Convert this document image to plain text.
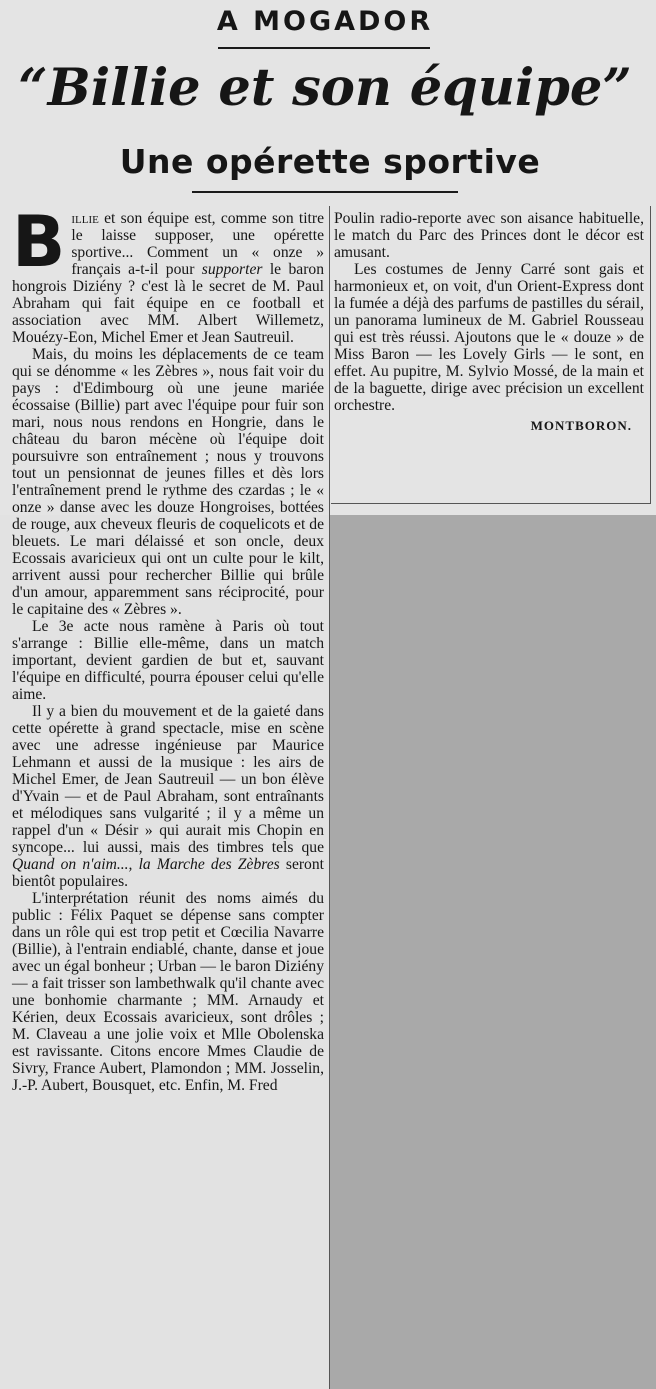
A MOGADOR
“Billie et son équipe”
Une opérette sportive

Billie et son équipe est, comme son titre le laisse supposer, une opérette sportive... Comment un « onze » français a-t-il pour supporter le baron hongrois Diziény ? c'est là le secret de M. Paul Abraham qui fait équipe en ce football et association avec MM. Albert Willemetz, Mouézy-Eon, Michel Emer et Jean Sautreuil.

Mais, du moins les déplacements de ce team qui se dénomme « les Zèbres », nous fait voir du pays : d'Edimbourg où une jeune mariée écossaise (Billie) part avec l'équipe pour fuir son mari, nous nous rendons en Hongrie, dans le château du baron mécène où l'équipe doit poursuivre son entraînement ; nous y trouvons tout un pensionnat de jeunes filles et dès lors l'entraînement prend le rythme des czardas ; le « onze » danse avec les douze Hongroises, bottées de rouge, aux cheveux fleuris de coquelicots et de bleuets. Le mari délaissé et son oncle, deux Ecossais avaricieux qui ont un culte pour le kilt, arrivent aussi pour rechercher Billie qui brûle d'un amour, apparemment sans réciprocité, pour le capitaine des « Zèbres ».

Le 3e acte nous ramène à Paris où tout s'arrange : Billie elle-même, dans un match important, devient gardien de but et, sauvant l'équipe en difficulté, pourra épouser celui qu'elle aime.

Il y a bien du mouvement et de la gaieté dans cette opérette à grand spectacle, mise en scène avec une adresse ingénieuse par Maurice Lehmann et aussi de la musique : les airs de Michel Emer, de Jean Sautreuil — un bon élève d'Yvain — et de Paul Abraham, sont entraînants et mélodiques sans vulgarité ; il y a même un rappel d'un « Désir » qui aurait mis Chopin en syncope... lui aussi, mais des timbres tels que Quand on n'aim..., la Marche des Zèbres seront bientôt populaires.

L'interprétation réunit des noms aimés du public : Félix Paquet se dépense sans compter dans un rôle qui est trop petit et Cœcilia Navarre (Billie), à l'entrain endiablé, chante, danse et joue avec un égal bonheur ; Urban — le baron Diziény — a fait trisser son lambethwalk qu'il chante avec une bonhomie charmante ; MM. Arnaudy et Kérien, deux Ecossais avaricieux, sont drôles ; M. Claveau a une jolie voix et Mlle Obolenska est ravissante. Citons encore Mmes Claudie de Sivry, France Aubert, Plamondon ; MM. Josselin, J.-P. Aubert, Bousquet, etc. Enfin, M. Fred

Poulin radio-reporte avec son aisance habituelle, le match du Parc des Princes dont le décor est amusant.

Les costumes de Jenny Carré sont gais et harmonieux et, on voit, d'un Orient-Express dont la fumée a déjà des parfums de pastilles du sérail, un panorama lumineux de M. Gabriel Rousseau qui est très réussi. Ajoutons que le « douze » de Miss Baron — les Lovely Girls — le sont, en effet. Au pupitre, M. Sylvio Mossé, de la main et de la baguette, dirige avec précision un excellent orchestre.

MONTBORON.
